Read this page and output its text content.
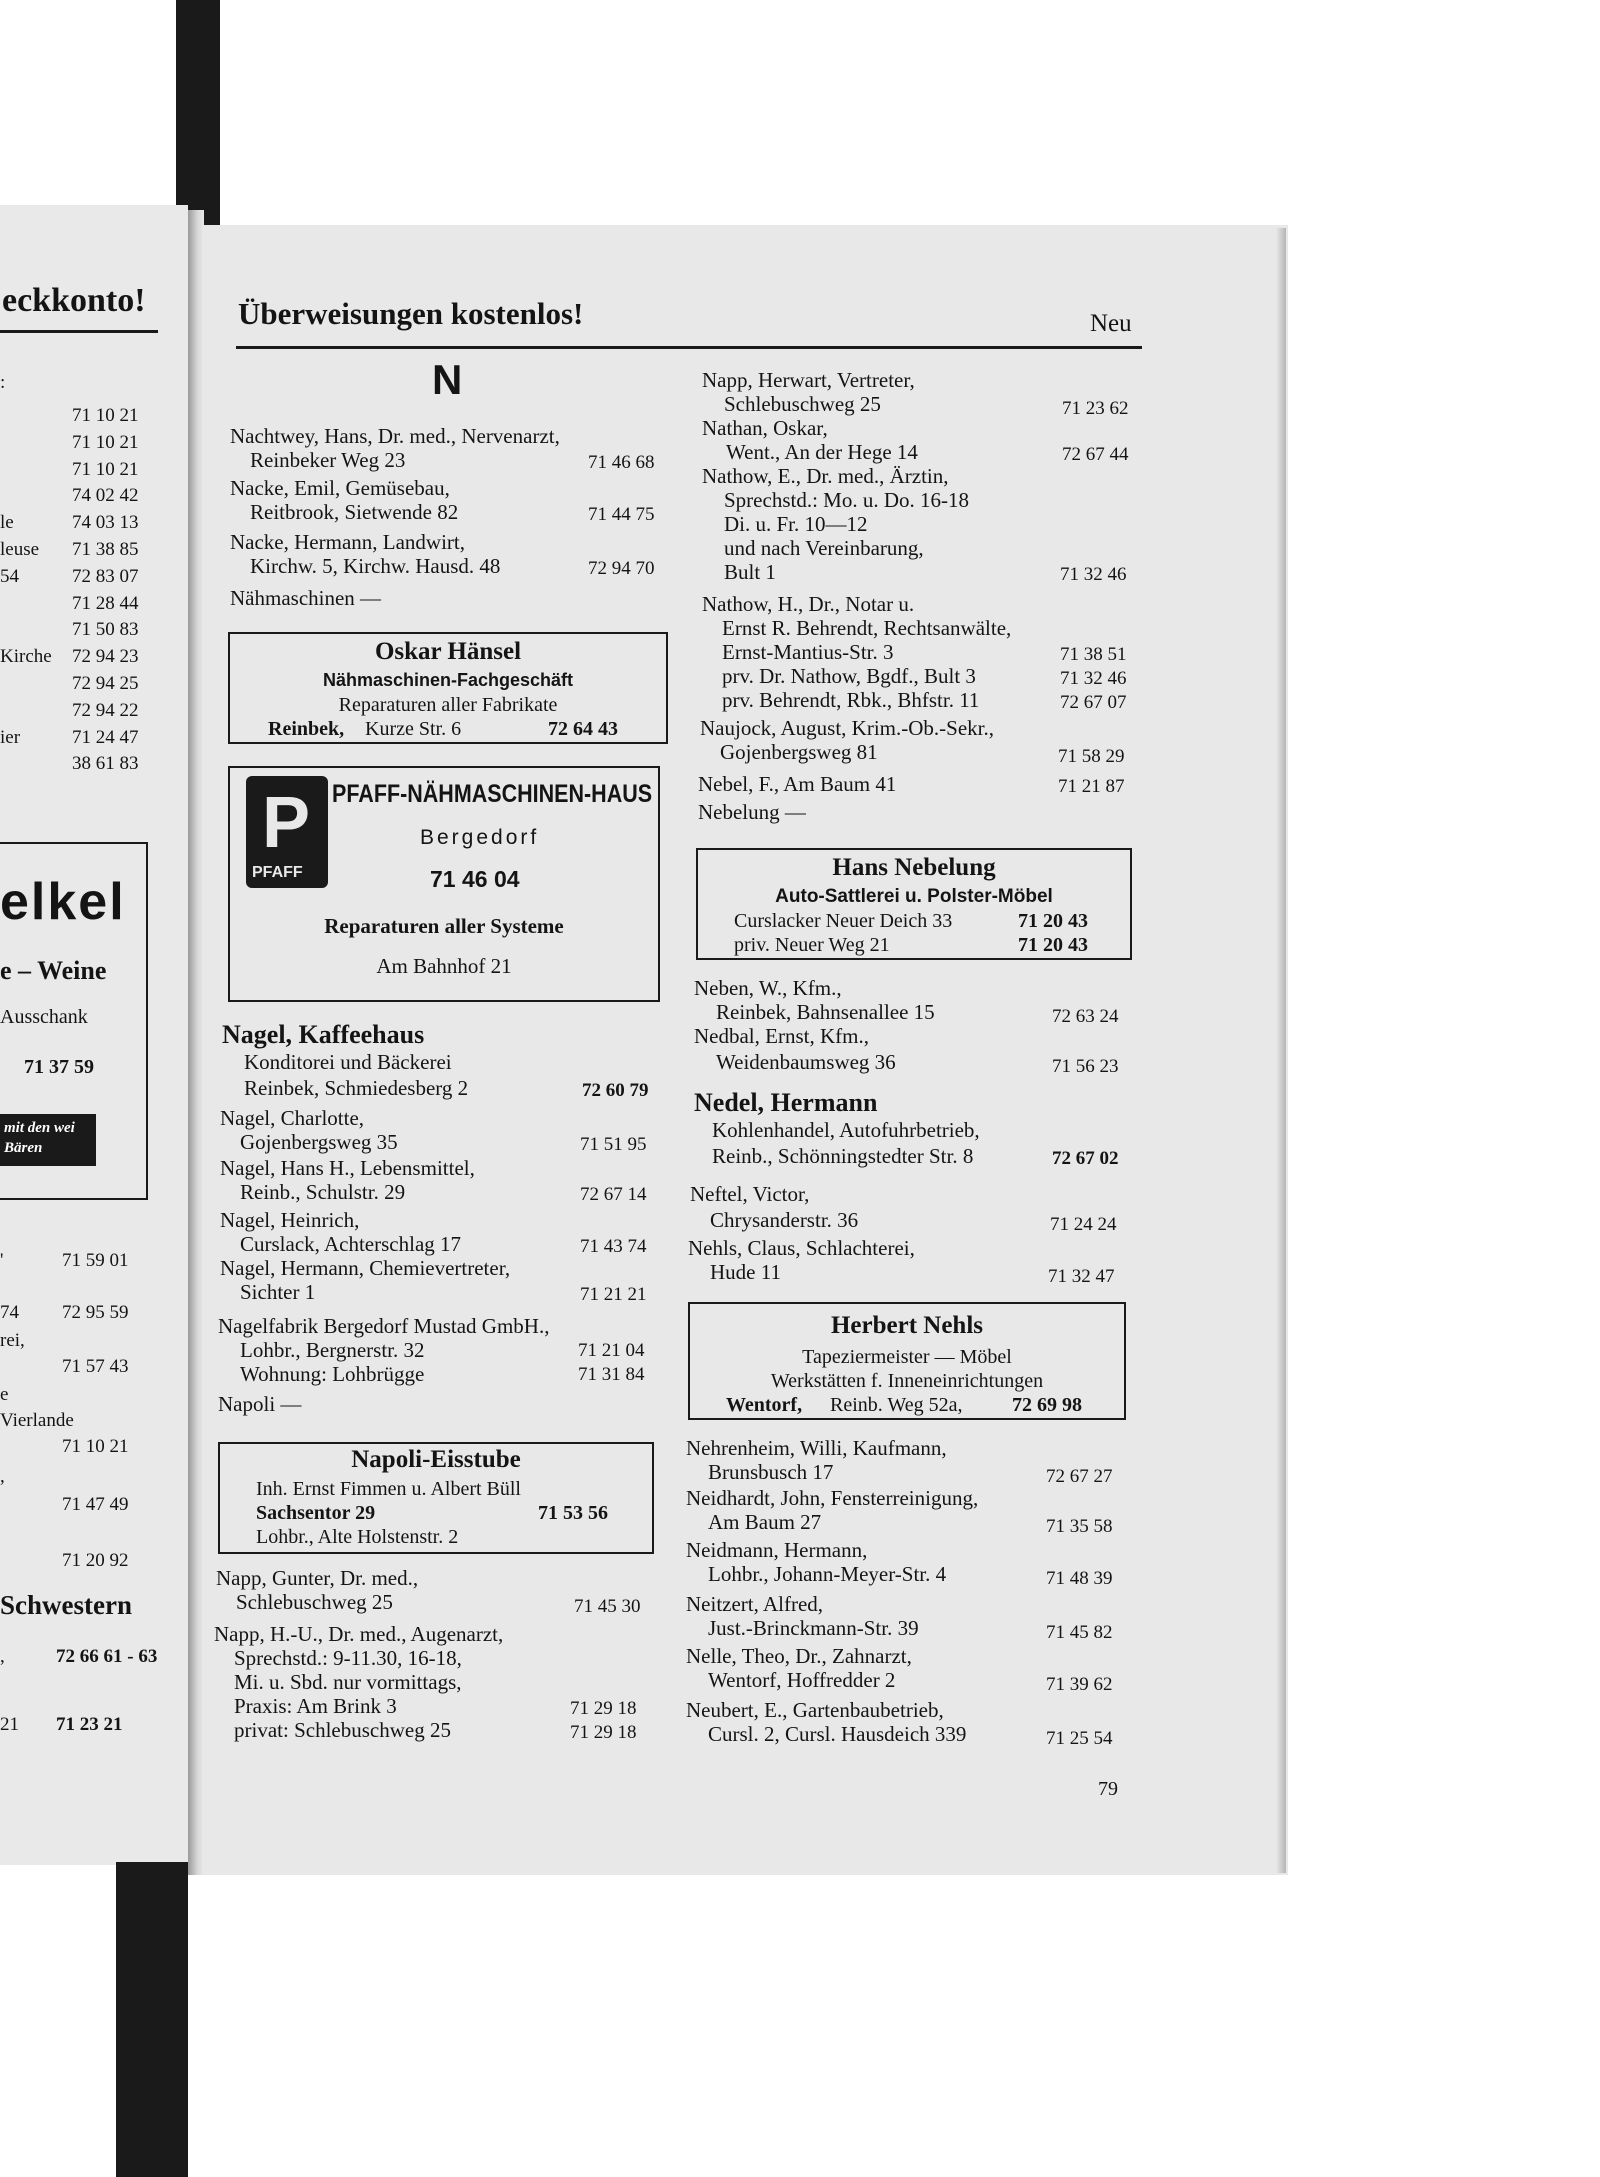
eckkonto!
:
71 10 21
71 10 21
71 10 21
74 02 42
le	74 03 13
leuse 71 38 85
54	72 83 07
71 28 44
71 50 83
Kirche 72 94 23
72 94 25
72 94 22
ier	71 24 47
38 61 83
elkel
e – Weine
Ausschank
71 37 59
mit den wei Bären
'	71 59 01
74 72 95 59
rei,
71 57 43
e
Vierlande
71 10 21
,
71 47 49
71 20 92
Schwestern
,	72 66 61 - 63
21 71 23 21
Überweisungen kostenlos!	Neu
N
Nachtwey, Hans, Dr. med., Nervenarzt,
Reinbeker Weg 23	71 46 68
Nacke, Emil, Gemüsebau,
Reitbrook, Sietwende 82	71 44 75
Nacke, Hermann, Landwirt,
Kirchw. 5, Kirchw. Hausd. 48	72 94 70
Nähmaschinen —
Oskar Hänsel
Nähmaschinen-Fachgeschäft
Reparaturen aller Fabrikate
Reinbek, Kurze Str. 6	72 64 43
P
PFAFF
PFAFF-NÄHMASCHINEN-HAUS
Bergedorf
71 46 04
Reparaturen aller Systeme
Am Bahnhof 21
Nagel, Kaffeehaus
Konditorei und Bäckerei
Reinbek, Schmiedesberg 2	72 60 79
Nagel, Charlotte,
Gojenbergsweg 35	71 51 95
Nagel, Hans H., Lebensmittel,
Reinb., Schulstr. 29	72 67 14
Nagel, Heinrich,
Curslack, Achterschlag 17	71 43 74
Nagel, Hermann, Chemievertreter,
Sichter 1	71 21 21
Nagelfabrik Bergedorf Mustad GmbH.,
Lohbr., Bergnerstr. 32	71 21 04
Wohnung: Lohbrügge	71 31 84
Napoli —
Napoli-Eisstube
Inh. Ernst Fimmen u. Albert Büll
Sachsentor 29	71 53 56
Lohbr., Alte Holstenstr. 2
Napp, Gunter, Dr. med.,
Schlebuschweg 25	71 45 30
Napp, H.-U., Dr. med., Augenarzt,
Sprechstd.: 9-11.30, 16-18,
Mi. u. Sbd. nur vormittags,
Praxis: Am Brink 3	71 29 18
privat: Schlebuschweg 25	71 29 18
Napp, Herwart, Vertreter,
Schlebuschweg 25	71 23 62
Nathan, Oskar,
Went., An der Hege 14	72 67 44
Nathow, E., Dr. med., Ärztin,
Sprechstd.: Mo. u. Do. 16-18
Di. u. Fr. 10—12
und nach Vereinbarung,
Bult 1	71 32 46
Nathow, H., Dr., Notar u.
Ernst R. Behrendt, Rechtsanwälte,
Ernst-Mantius-Str. 3	71 38 51
prv. Dr. Nathow, Bgdf., Bult 3	71 32 46
prv. Behrendt, Rbk., Bhfstr. 11	72 67 07
Naujock, August, Krim.-Ob.-Sekr.,
Gojenbergsweg 81	71 58 29
Nebel, F., Am Baum 41	71 21 87
Nebelung —
Hans Nebelung
Auto-Sattlerei u. Polster-Möbel
Curslacker Neuer Deich 33	71 20 43
priv. Neuer Weg 21	71 20 43
Neben, W., Kfm.,
Reinbek, Bahnsenallee 15	72 63 24
Nedbal, Ernst, Kfm.,
Weidenbaumsweg 36	71 56 23
Nedel, Hermann
Kohlenhandel, Autofuhrbetrieb,
Reinb., Schönningstedter Str. 8	72 67 02
Neftel, Victor,
Chrysanderstr. 36	71 24 24
Nehls, Claus, Schlachterei,
Hude 11	71 32 47
Herbert Nehls
Tapeziermeister — Möbel
Werkstätten f. Inneneinrichtungen
Wentorf, Reinb. Weg 52a, 72 69 98
Nehrenheim, Willi, Kaufmann,
Brunsbusch 17	72 67 27
Neidhardt, John, Fensterreinigung,
Am Baum 27	71 35 58
Neidmann, Hermann,
Lohbr., Johann-Meyer-Str. 4	71 48 39
Neitzert, Alfred,
Just.-Brinckmann-Str. 39	71 45 82
Nelle, Theo, Dr., Zahnarzt,
Wentorf, Hoffredder 2	71 39 62
Neubert, E., Gartenbaubetrieb,
Cursl. 2, Cursl. Hausdeich 339	71 25 54
79
